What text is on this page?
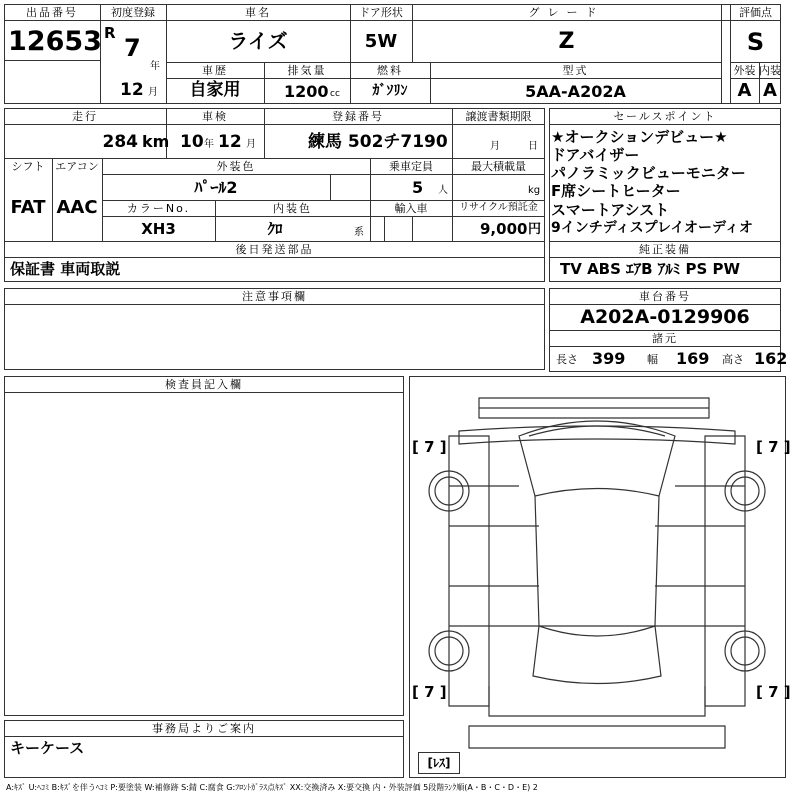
出品番号
12653
初度登録
R
7
年
12 月
車名
ライズ
ドア形状
5W
グレード
Z
評価点
S
車歴
自家用
排気量
1200 cc
燃料
ｶﾞｿﾘﾝ
型式
5AA-A202A
外装 内装
A A
走行
284 km
車検
10 年 12 月
登録番号
練馬 502チ7190
譲渡書類期限
月	日
シフト
FAT
エアコン
AAC
外装色
ﾊﾟｰﾙ2
乗車定員
5 人
最大積載量
kg
カラーNo.
XH3
内装色
ｸﾛ	系
輸入車	リサイクル預託金
9,000 円
後日発送部品
保証書 車両取説
セールスポイント
★オークションデビュー★
ドアバイザー
パノラミックビューモニター
F席シートヒーター
スマートアシスト
9インチディスプレイオーディオ
純正装備
TV ABS ｴｱB ｱﾙﾐ PS PW
注意事項欄	車台番号
A202A-0129906
諸元
長さ 399 幅 169 高さ 162
検査員記入欄
事務局よりご案内
キーケース
[ 7 ]	[ 7 ]
[ 7 ]	[ 7 ]
[ﾚｽ]
A:ｷｽﾞ U:ﾍｺﾐ B:ｷｽﾞを伴うﾍｺﾐ P:要塗装 W:補修跡 S:錆 C:腐食 G:ﾌﾛﾝﾄｶﾞﾗｽ点ｷｽﾞ XX:交換済み X:要交換 内・外装評価 5段階ﾗﾝｸ順(A・B・C・D・E) 2
